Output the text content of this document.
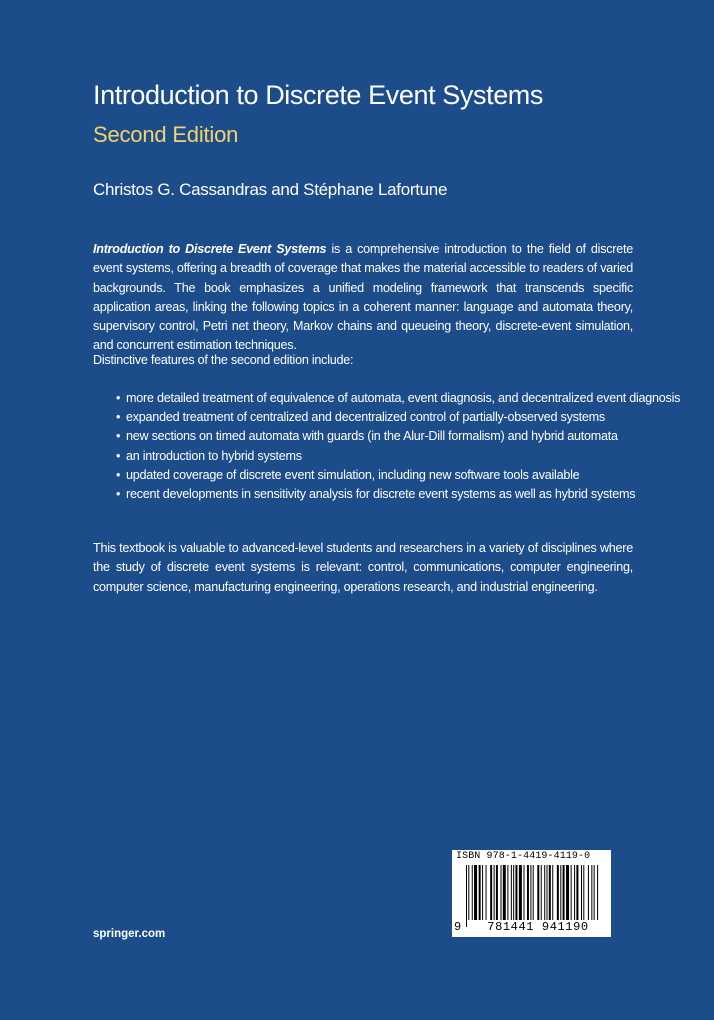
Introduction to Discrete Event Systems
Second Edition
Christos G. Cassandras and Stéphane Lafortune
Introduction to Discrete Event Systems is a comprehensive introduction to the field of discrete event systems, offering a breadth of coverage that makes the material accessible to readers of varied backgrounds. The book emphasizes a unified modeling framework that transcends specific application areas, linking the following topics in a coherent manner: language and automata theory, supervisory control, Petri net theory, Markov chains and queueing theory, discrete-event simulation, and concurrent estimation techniques.
Distinctive features of the second edition include:
• more detailed treatment of equivalence of automata, event diagnosis, and decentralized event diagnosis
• expanded treatment of centralized and decentralized control of partially-observed systems
• new sections on timed automata with guards (in the Alur-Dill formalism) and hybrid automata
• an introduction to hybrid systems
• updated coverage of discrete event simulation, including new software tools available
• recent developments in sensitivity analysis for discrete event systems as well as hybrid systems
This textbook is valuable to advanced-level students and researchers in a variety of disciplines where the study of discrete event systems is relevant: control, communications, computer engineering, computer science, manufacturing engineering, operations research, and industrial engineering.
springer.com
ISBN 978-1-4419-4119-0
9	781441 941190
